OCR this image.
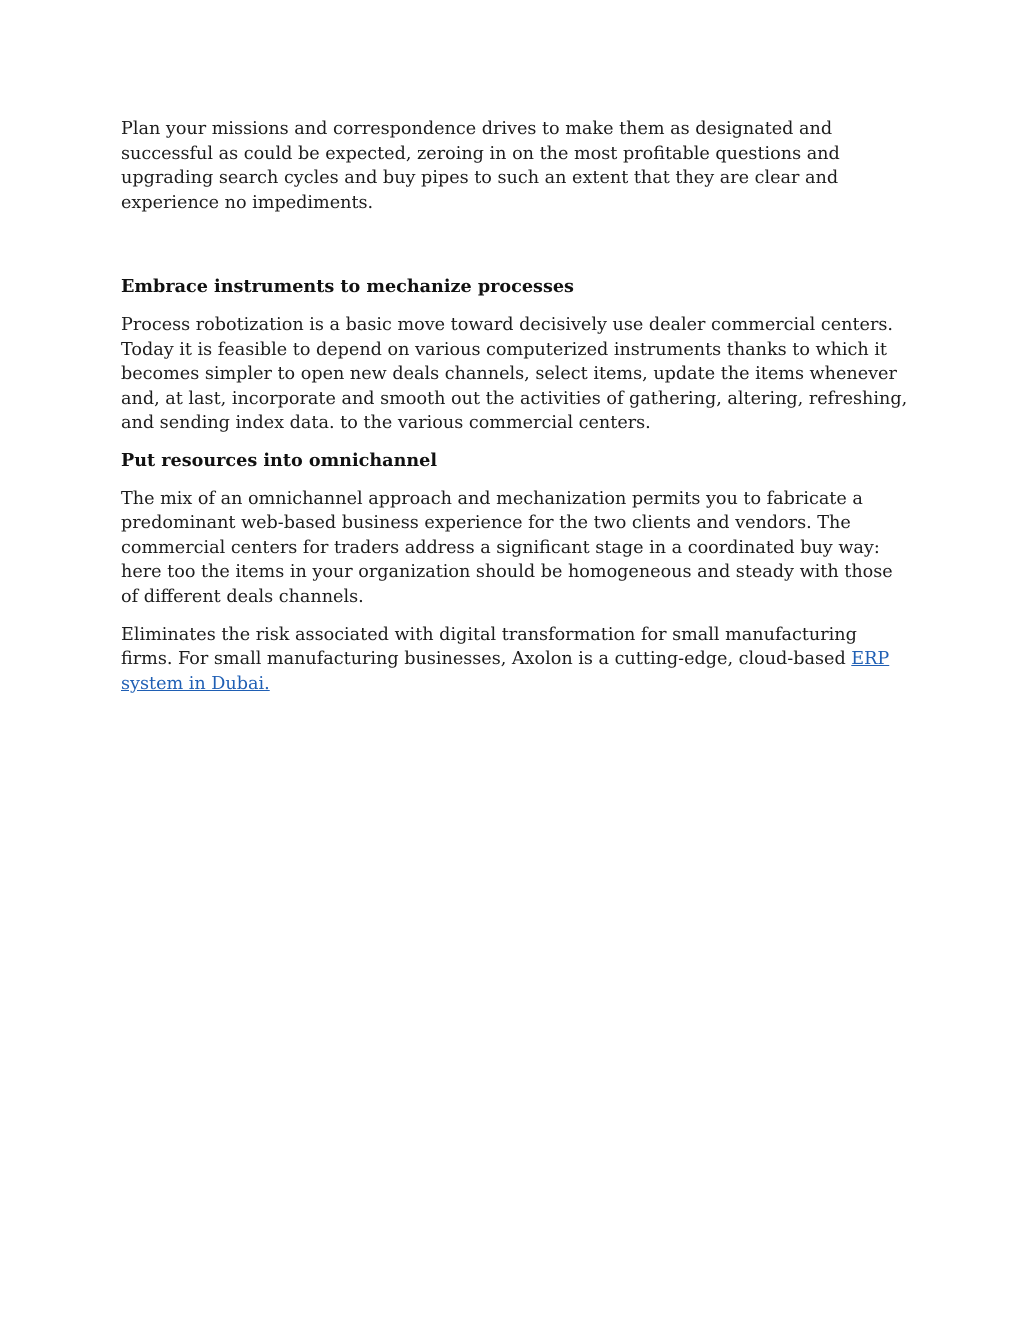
Plan your missions and correspondence drives to make them as designated and successful as could be expected, zeroing in on the most profitable questions and upgrading search cycles and buy pipes to such an extent that they are clear and experience no impediments.

Embrace instruments to mechanize processes

Process robotization is a basic move toward decisively use dealer commercial centers. Today it is feasible to depend on various computerized instruments thanks to which it becomes simpler to open new deals channels, select items, update the items whenever and, at last, incorporate and smooth out the activities of gathering, altering, refreshing, and sending index data. to the various commercial centers.

Put resources into omnichannel

The mix of an omnichannel approach and mechanization permits you to fabricate a predominant web-based business experience for the two clients and vendors. The commercial centers for traders address a significant stage in a coordinated buy way: here too the items in your organization should be homogeneous and steady with those of different deals channels.

Eliminates the risk associated with digital transformation for small manufacturing firms. For small manufacturing businesses, Axolon is a cutting-edge, cloud-based ERP system in Dubai.
